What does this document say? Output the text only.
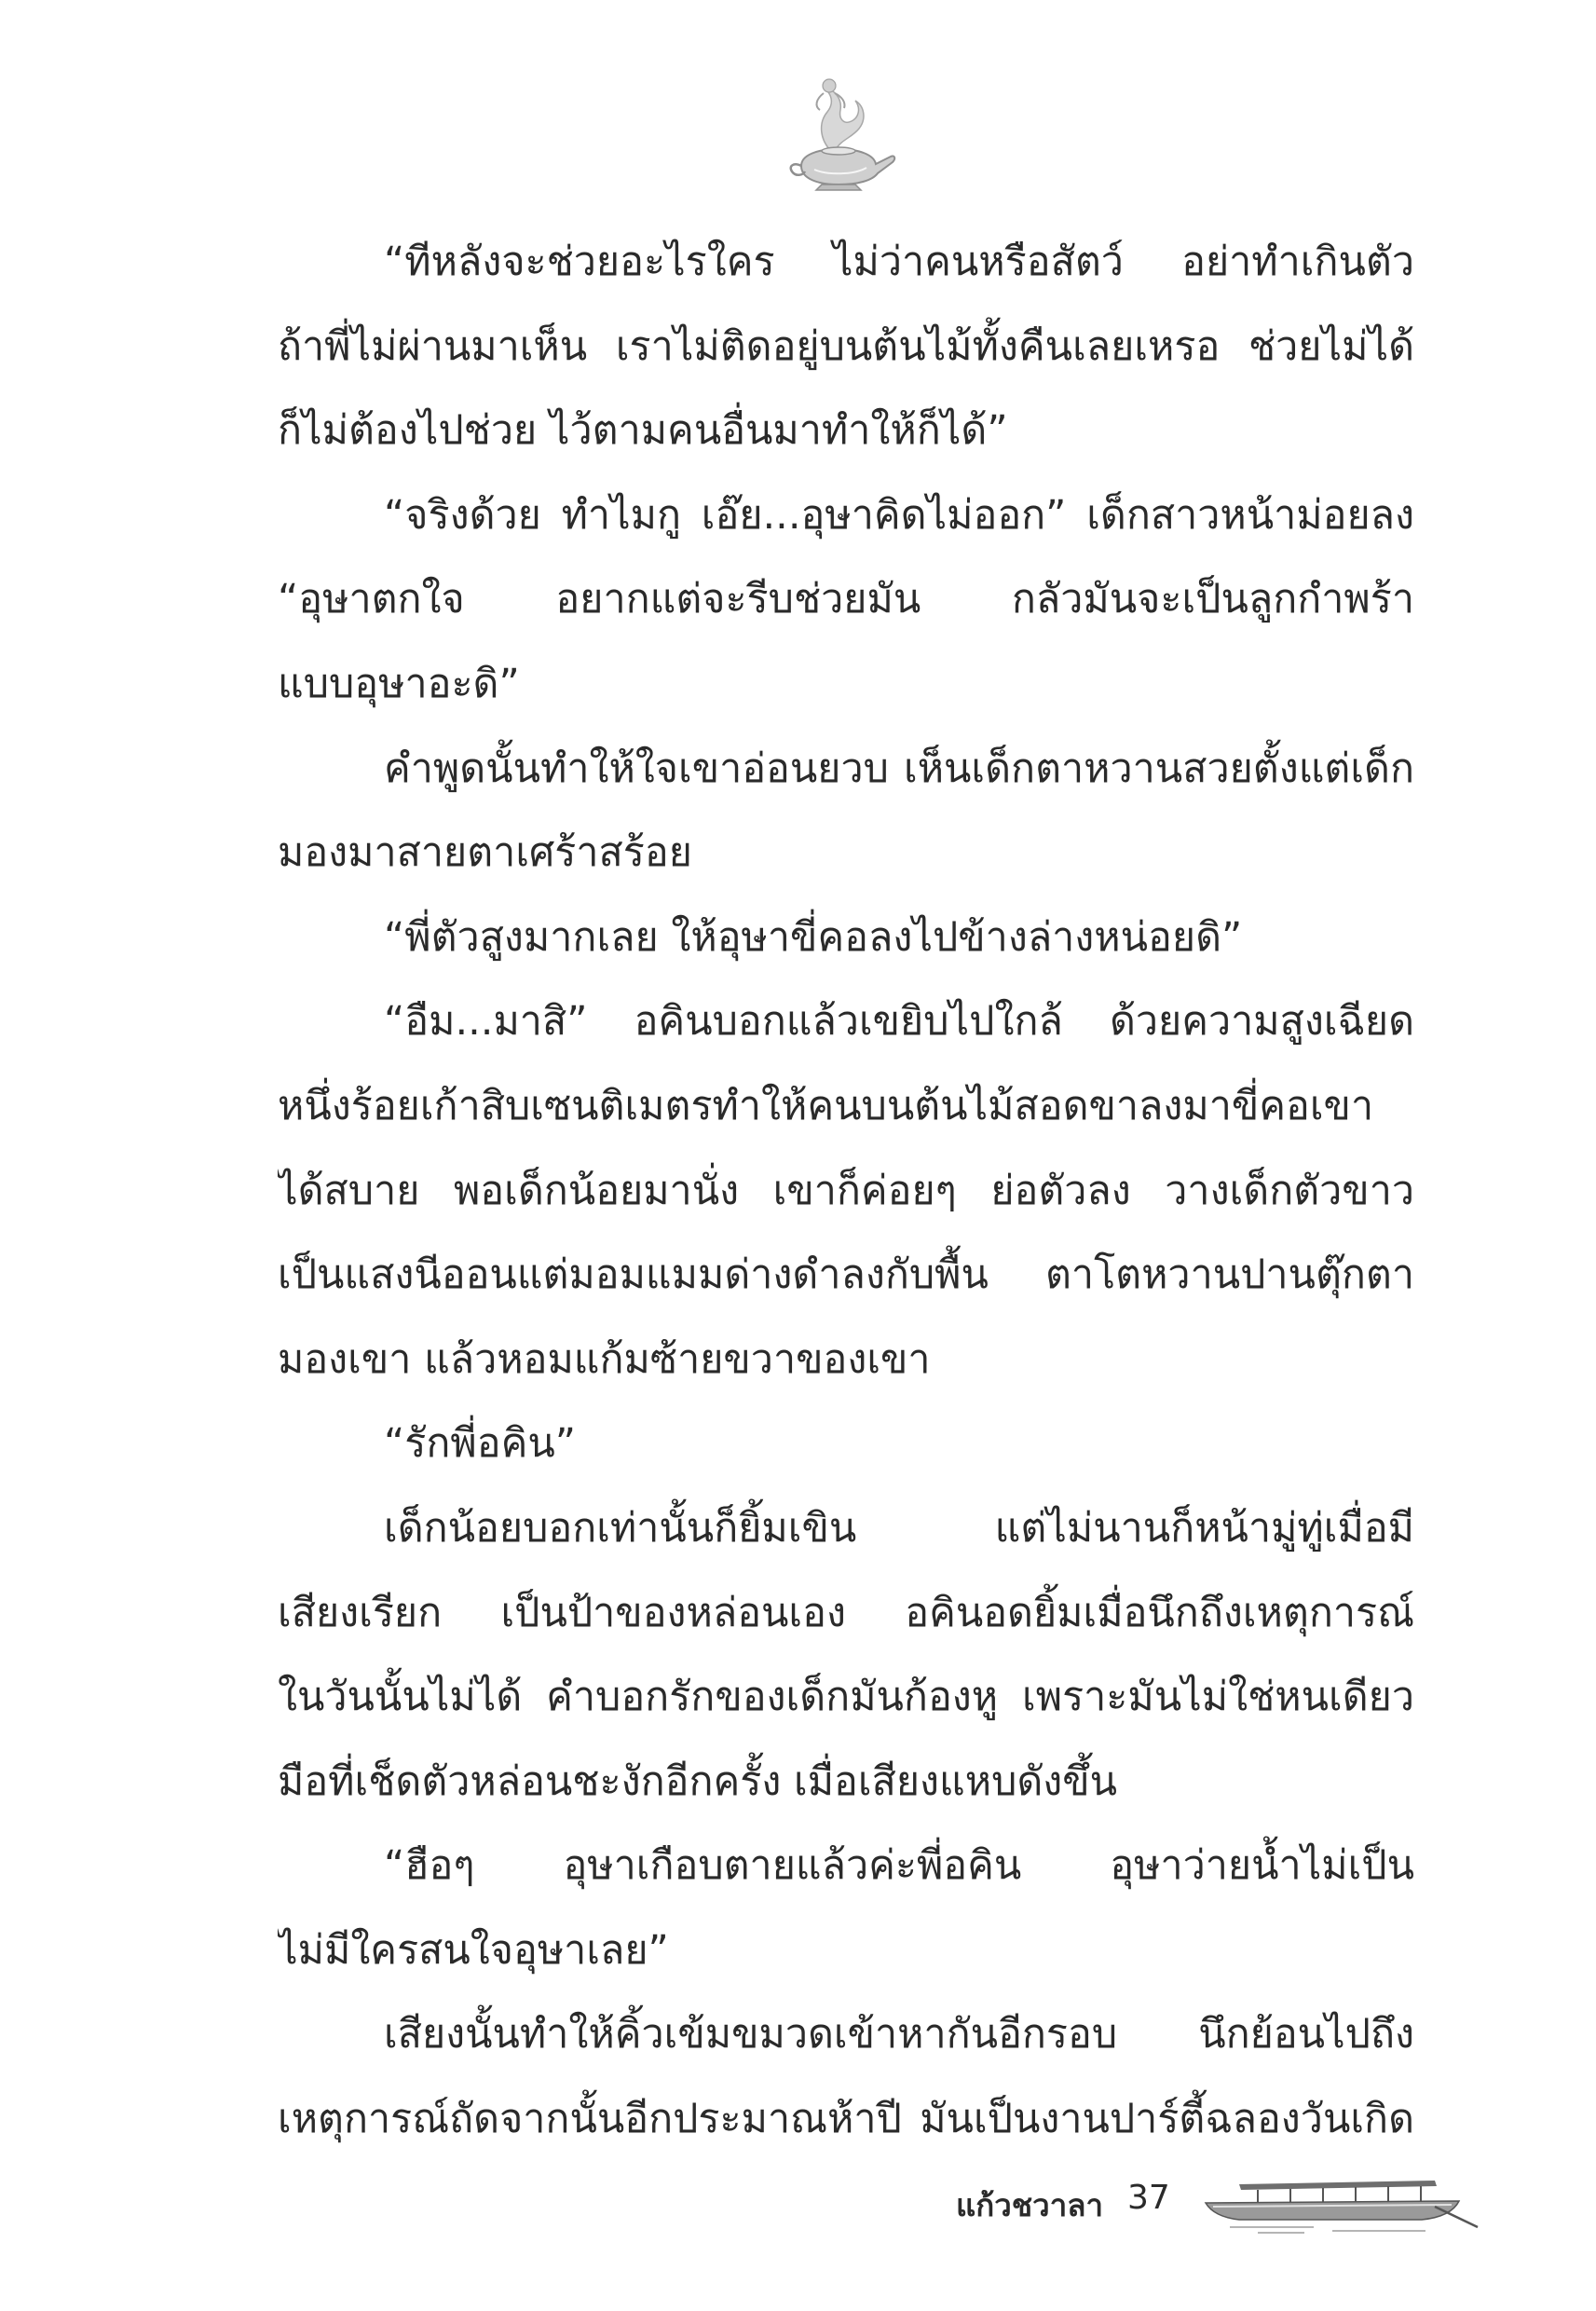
“ทีหลังจะช่วยอะไรใคร ไม่ว่าคนหรือสัตว์ อย่าทำเกินตัว
ถ้าพี่ไม่ผ่านมาเห็น เราไม่ติดอยู่บนต้นไม้ทั้งคืนเลยเหรอ ช่วยไม่ได้
ก็ไม่ต้องไปช่วย ไว้ตามคนอื่นมาทำให้ก็ได้”
“จริงด้วย ทำไมกู เอ๊ย...อุษาคิดไม่ออก” เด็กสาวหน้าม่อยลง
“อุษาตกใจ อยากแต่จะรีบช่วยมัน กลัวมันจะเป็นลูกกำพร้า
แบบอุษาอะดิ”
คำพูดนั้นทำให้ใจเขาอ่อนยวบ เห็นเด็กตาหวานสวยตั้งแต่เด็ก
มองมาสายตาเศร้าสร้อย
“พี่ตัวสูงมากเลย ให้อุษาขี่คอลงไปข้างล่างหน่อยดิ”
“อืม...มาสิ” อคินบอกแล้วเขยิบไปใกล้ ด้วยความสูงเฉียด
หนึ่งร้อยเก้าสิบเซนติเมตรทำให้คนบนต้นไม้สอดขาลงมาขี่คอเขา
ได้สบาย พอเด็กน้อยมานั่ง เขาก็ค่อยๆ ย่อตัวลง วางเด็กตัวขาว
เป็นแสงนีออนแต่มอมแมมด่างดำลงกับพื้น ตาโตหวานปานตุ๊กตา
มองเขา แล้วหอมแก้มซ้ายขวาของเขา
“รักพี่อคิน”
เด็กน้อยบอกเท่านั้นก็ยิ้มเขิน แต่ไม่นานก็หน้ามู่ทู่เมื่อมี
เสียงเรียก เป็นป้าของหล่อนเอง อคินอดยิ้มเมื่อนึกถึงเหตุการณ์
ในวันนั้นไม่ได้ คำบอกรักของเด็กมันก้องหู เพราะมันไม่ใช่หนเดียว
มือที่เช็ดตัวหล่อนชะงักอีกครั้ง เมื่อเสียงแหบดังขึ้น
“ฮือๆ อุษาเกือบตายแล้วค่ะพี่อคิน อุษาว่ายน้ำไม่เป็น
ไม่มีใครสนใจอุษาเลย”
เสียงนั้นทำให้คิ้วเข้มขมวดเข้าหากันอีกรอบ นึกย้อนไปถึง
เหตุการณ์ถัดจากนั้นอีกประมาณห้าปี มันเป็นงานปาร์ตี้ฉลองวันเกิด
แก้วชวาลา 37
